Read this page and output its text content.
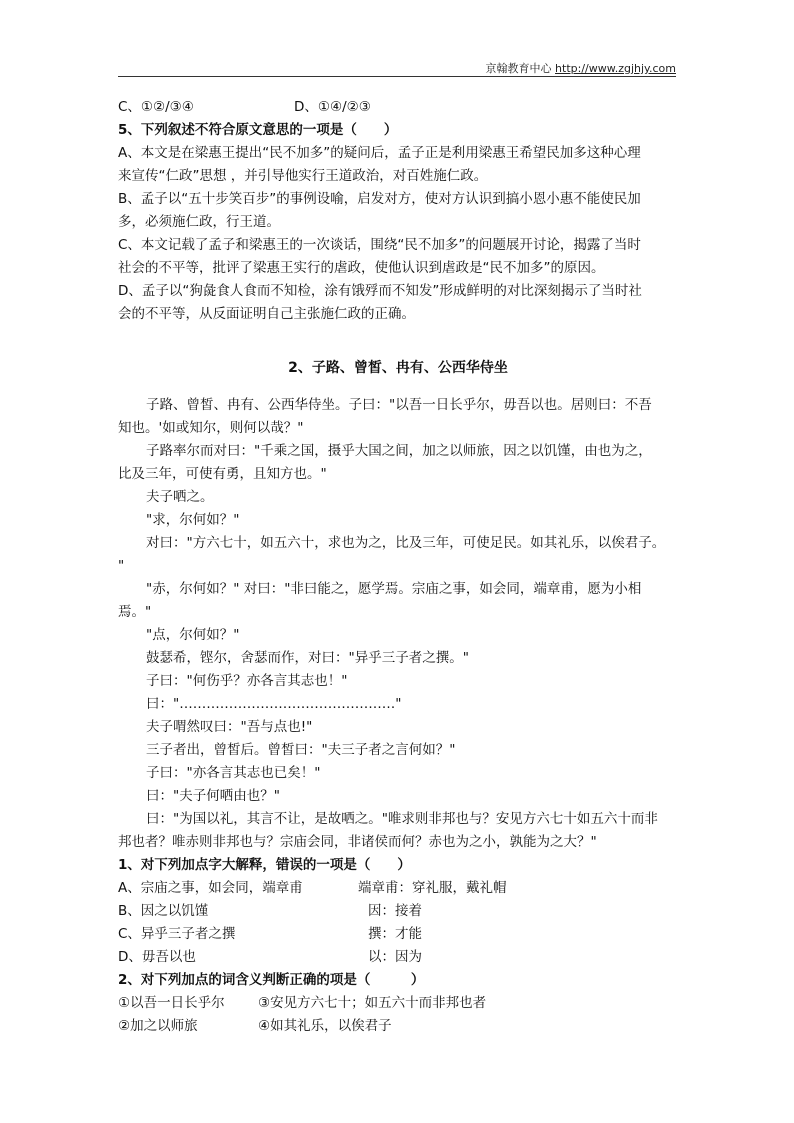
京翰教育中心 http://www.zgjhjy.com
C、①②/③④	D、①④/②③
5、下列叙述不符合原文意思的一项是（　　）
A、本文是在梁惠王提出“民不加多”的疑问后，孟子正是利用梁惠王希望民加多这种心理
来宣传“仁政”思想 ，并引导他实行王道政治，对百姓施仁政。
B、孟子以“五十步笑百步”的事例设喻，启发对方，使对方认识到搞小恩小惠不能使民加
多，必须施仁政，行王道。
C、本文记载了孟子和梁惠王的一次谈话，围绕“民不加多”的问题展开讨论，揭露了当时
社会的不平等，批评了梁惠王实行的虐政，使他认识到虐政是“民不加多”的原因。
D、孟子以“狗彘食人食而不知检，涂有饿殍而不知发”形成鲜明的对比深刻揭示了当时社
会的不平等，从反面证明自己主张施仁政的正确。
2、子路、曾皙、冉有、公西华侍坐
子路、曾皙、冉有、公西华侍坐。子曰："以吾一日长乎尔，毋吾以也。居则曰：不吾
知也。'如或知尔，则何以哉？"
子路率尔而对曰："千乘之国，摄乎大国之间，加之以师旅，因之以饥馑，由也为之，
比及三年，可使有勇，且知方也。"
夫子哂之。
"求，尔何如？"
对曰："方六七十，如五六十，求也为之，比及三年，可使足民。如其礼乐，以俟君子。
"
"赤，尔何如？" 对曰："非曰能之，愿学焉。宗庙之事，如会同，端章甫，愿为小相
焉。"
"点，尔何如？"
鼓瑟希，铿尔，舍瑟而作，对曰："异乎三子者之撰。"
子曰："何伤乎？亦各言其志也！"
曰："…………………………………………"
夫子喟然叹曰："吾与点也!"
三子者出，曾皙后。曾皙曰："夫三子者之言何如？"
子曰："亦各言其志也已矣！"
曰："夫子何哂由也？"
曰："为国以礼，其言不让，是故哂之。"唯求则非邦也与？安见方六七十如五六十而非
邦也者？唯赤则非邦也与？宗庙会同，非诸侯而何？赤也为之小，孰能为之大？"
1、对下列加点字大解释，错误的一项是（　　）
A、宗庙之事，如会同，端章甫	端章甫：穿礼服，戴礼帽
B、因之以饥馑	因：接着
C、异乎三子者之撰	撰：才能
D、毋吾以也	以：因为
2、对下列加点的词含义判断正确的项是（　　　）
①以吾一日长乎尔	③安见方六七十；如五六十而非邦也者
②加之以师旅	④如其礼乐，以俟君子
